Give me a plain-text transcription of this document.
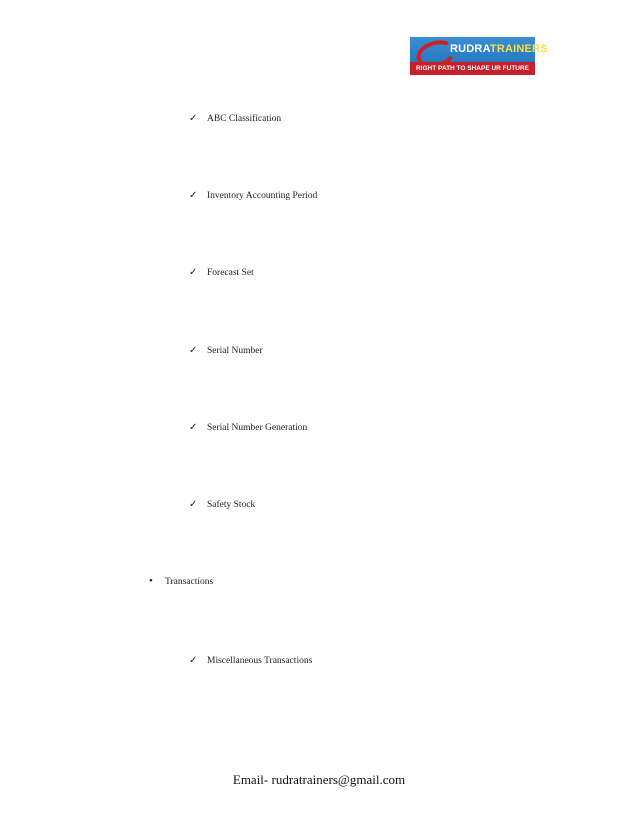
RUDRATRAINERS
RIGHT PATH TO SHAPE UR FUTURE
✓ ABC Classification
✓ Inventory Accounting Period
✓ Forecast Set
✓ Serial Number
✓ Serial Number Generation
✓ Safety Stock
• Transactions
✓ Miscellaneous Transactions
Email- rudratrainers@gmail.com
